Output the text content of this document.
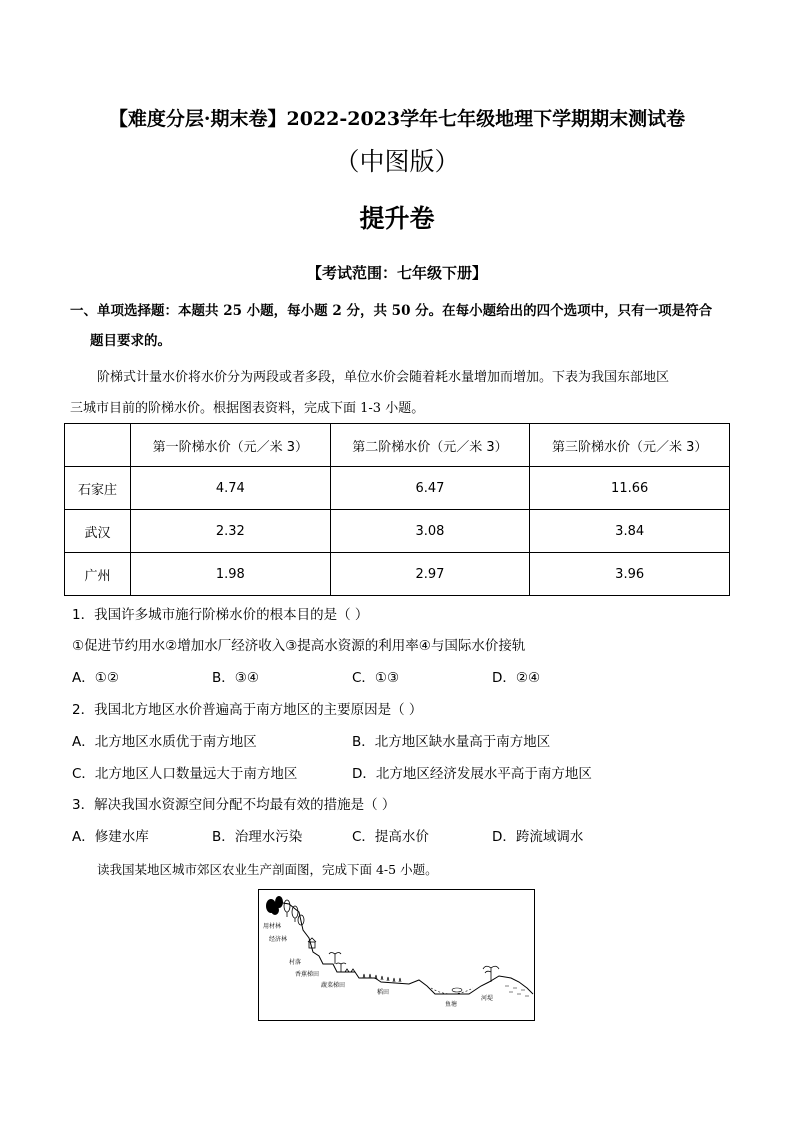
【难度分层·期末卷】2022-2023学年七年级地理下学期期末测试卷
（中图版）
提升卷
【考试范围：七年级下册】
一、单项选择题：本题共 25 小题，每小题 2 分，共 50 分。在每小题给出的四个选项中，只有一项是符合
题目要求的。
阶梯式计量水价将水价分为两段或者多段，单位水价会随着耗水量增加而增加。下表为我国东部地区
三城市目前的阶梯水价。根据图表资料，完成下面 1-3 小题。
	第一阶梯水价（元／米 3）	第二阶梯水价（元／米 3）	第三阶梯水价（元／米 3）
石家庄	4.74	6.47	11.66
武汉	2.32	3.08	3.84
广州	1.98	2.97	3.96
1．我国许多城市施行阶梯水价的根本目的是（ ）
①促进节约用水②增加水厂经济收入③提高水资源的利用率④与国际水价接轨
A．①②	B．③④	C．①③	D．②④
2．我国北方地区水价普遍高于南方地区的主要原因是（ ）
A．北方地区水质优于南方地区	B．北方地区缺水量高于南方地区
C．北方地区人口数量远大于南方地区	D．北方地区经济发展水平高于南方地区
3．解决我国水资源空间分配不均最有效的措施是（ ）
A．修建水库	B．治理水污染	C．提高水价	D．跨流域调水
读我国某地区城市郊区农业生产剖面图，完成下面 4-5 小题。
用材林
经济林
村落
香蕉梯田
蔬菜梯田
稻田
鱼塘
河堤
